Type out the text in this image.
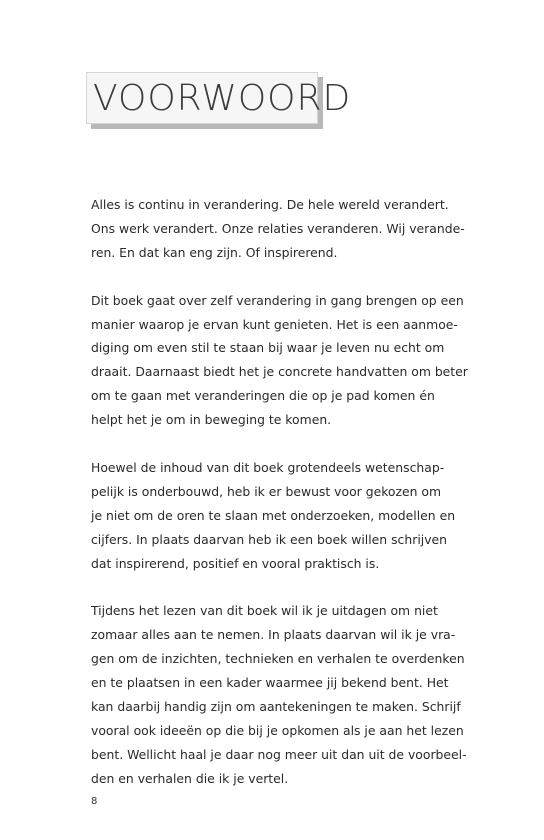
VOORWOORD

Alles is continu in verandering. De hele wereld verandert.
Ons werk verandert. Onze relaties veranderen. Wij verande-
ren. En dat kan eng zijn. Of inspirerend.

Dit boek gaat over zelf verandering in gang brengen op een
manier waarop je ervan kunt genieten. Het is een aanmoe-
diging om even stil te staan bij waar je leven nu echt om
draait. Daarnaast biedt het je concrete handvatten om beter
om te gaan met veranderingen die op je pad komen én
helpt het je om in beweging te komen.

Hoewel de inhoud van dit boek grotendeels wetenschap-
pelijk is onderbouwd, heb ik er bewust voor gekozen om
je niet om de oren te slaan met onderzoeken, modellen en
cijfers. In plaats daarvan heb ik een boek willen schrijven
dat inspirerend, positief en vooral praktisch is.

Tijdens het lezen van dit boek wil ik je uitdagen om niet
zomaar alles aan te nemen. In plaats daarvan wil ik je vra-
gen om de inzichten, technieken en verhalen te overdenken
en te plaatsen in een kader waarmee jij bekend bent. Het
kan daarbij handig zijn om aantekeningen te maken. Schrijf
vooral ook ideeën op die bij je opkomen als je aan het lezen
bent. Wellicht haal je daar nog meer uit dan uit de voorbeel-
den en verhalen die ik je vertel.

8
